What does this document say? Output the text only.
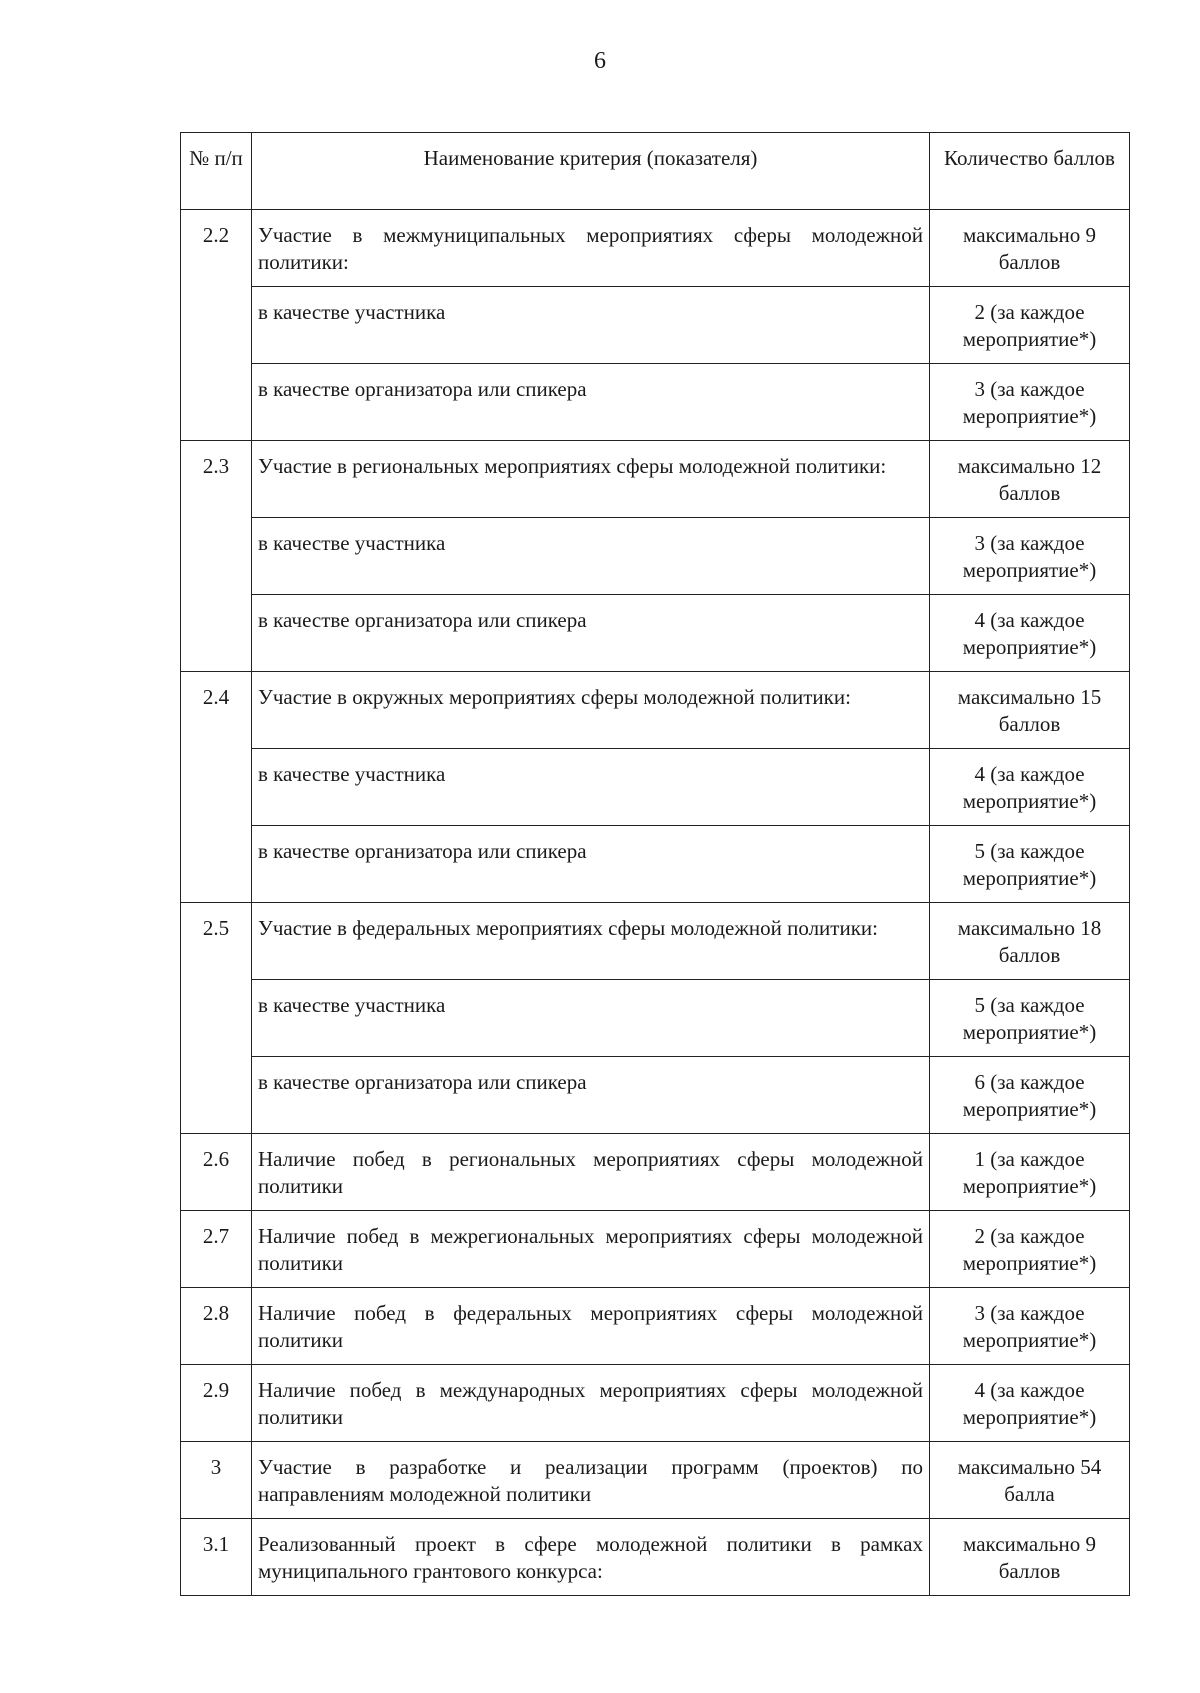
6
№ п/п	Наименование критерия (показателя)	Количество баллов
2.2	Участие в межмуниципальных мероприятиях сферы молодежной политики:	максимально 9 баллов
	в качестве участника	2 (за каждое мероприятие*)
	в качестве организатора или спикера	3 (за каждое мероприятие*)
2.3	Участие в региональных мероприятиях сферы молодежной политики:	максимально 12 баллов
	в качестве участника	3 (за каждое мероприятие*)
	в качестве организатора или спикера	4 (за каждое мероприятие*)
2.4	Участие в окружных мероприятиях сферы молодежной политики:	максимально 15 баллов
	в качестве участника	4 (за каждое мероприятие*)
	в качестве организатора или спикера	5 (за каждое мероприятие*)
2.5	Участие в федеральных мероприятиях сферы молодежной политики:	максимально 18 баллов
	в качестве участника	5 (за каждое мероприятие*)
	в качестве организатора или спикера	6 (за каждое мероприятие*)
2.6	Наличие побед в региональных мероприятиях сферы молодежной политики	1 (за каждое мероприятие*)
2.7	Наличие побед в межрегиональных мероприятиях сферы молодежной политики	2 (за каждое мероприятие*)
2.8	Наличие побед в федеральных мероприятиях сферы молодежной политики	3 (за каждое мероприятие*)
2.9	Наличие побед в международных мероприятиях сферы молодежной политики	4 (за каждое мероприятие*)
3	Участие в разработке и реализации программ (проектов) по направлениям молодежной политики	максимально 54 балла
3.1	Реализованный проект в сфере молодежной политики в рамках муниципального грантового конкурса:	максимально 9 баллов
